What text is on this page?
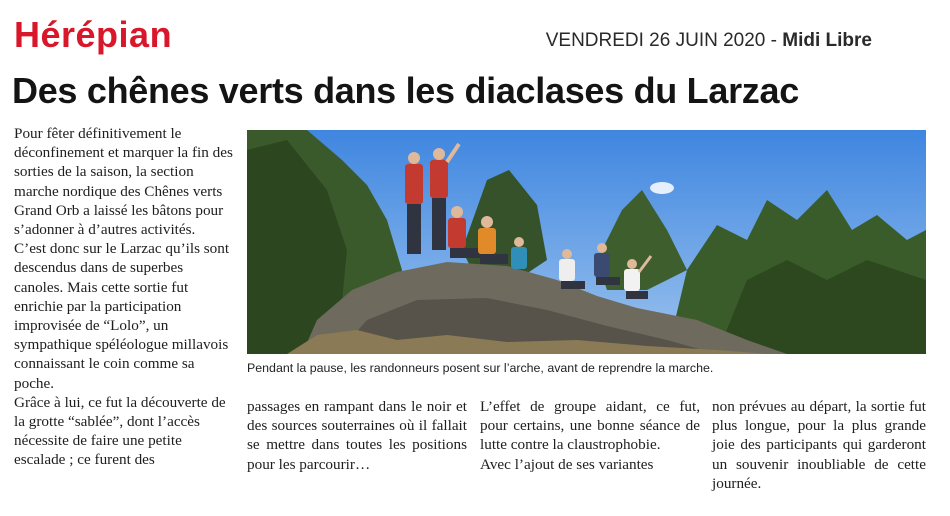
Hérépian	VENDREDI 26 JUIN 2020 - Midi Libre
Des chênes verts dans les diaclases du Larzac

Pour fêter définitivement le déconfinement et marquer la fin des sorties de la saison, la section marche nordique des Chênes verts Grand Orb a laissé les bâtons pour s’adonner à d’autres activités.

C’est donc sur le Larzac qu’ils sont descendus dans de superbes canoles. Mais cette sortie fut enrichie par la participation improvisée de “Lolo”, un sympathique spéléologue millavois connaissant le coin comme sa poche.

Grâce à lui, ce fut la découverte de la grotte “sablée”, dont l’accès nécessite de faire une petite escalade ; ce furent des

Pendant la pause, les randonneurs posent sur l’arche, avant de reprendre la marche.

passages en rampant dans le noir et des sources souterraines où il fallait se mettre dans toutes les positions pour les parcourir…

L’effet de groupe aidant, ce fut, pour certains, une bonne séance de lutte contre la claustrophobie.

Avec l’ajout de ses variantes

non prévues au départ, la sortie fut plus longue, pour la plus grande joie des participants qui garderont un souvenir inoubliable de cette journée.
